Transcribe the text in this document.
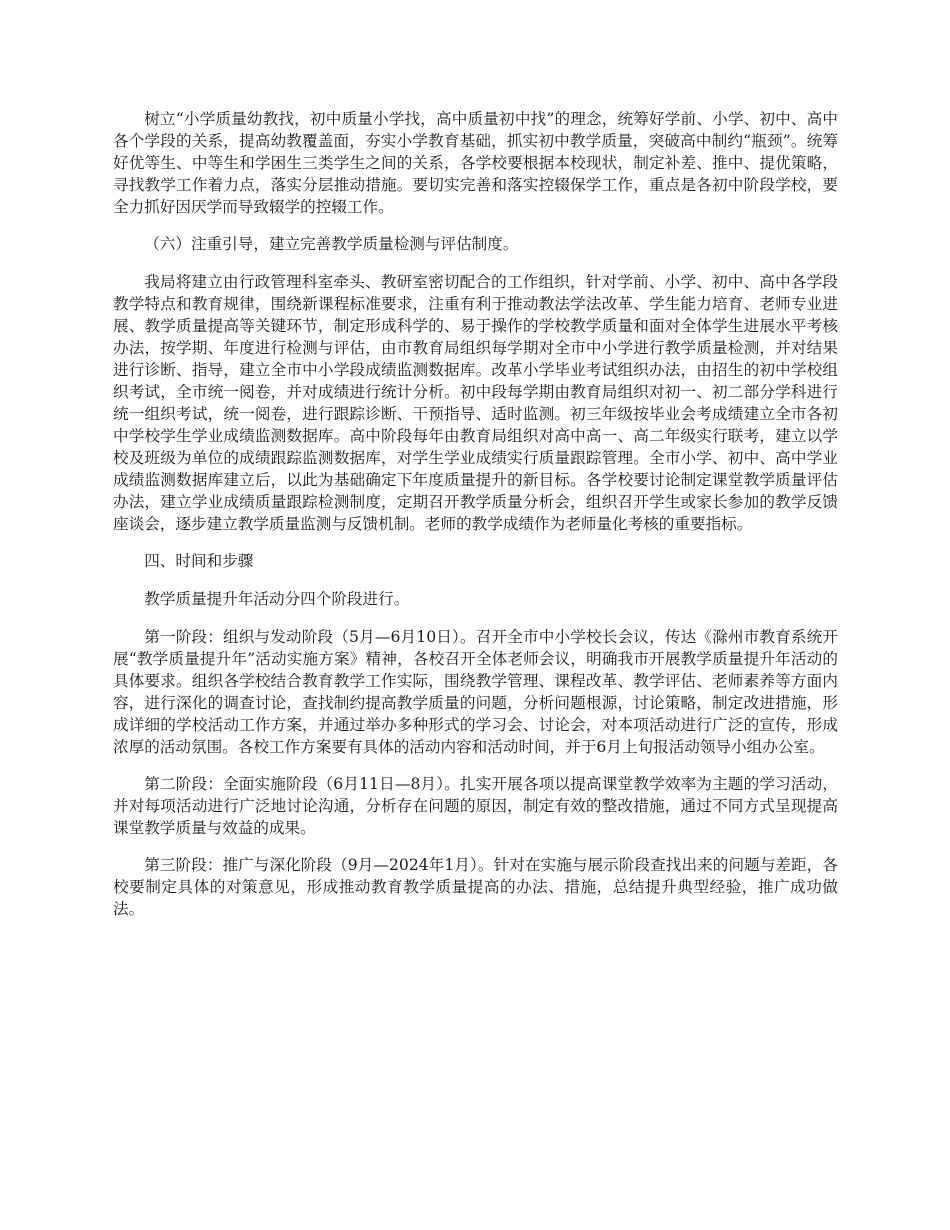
树立“小学质量幼教找，初中质量小学找，高中质量初中找”的理念，统筹好学前、小学、初中、高中各个学段的关系，提高幼教覆盖面，夯实小学教育基础，抓实初中教学质量，突破高中制约“瓶颈”。统筹好优等生、中等生和学困生三类学生之间的关系，各学校要根据本校现状，制定补差、推中、提优策略，寻找教学工作着力点，落实分层推动措施。要切实完善和落实控辍保学工作，重点是各初中阶段学校，要全力抓好因厌学而导致辍学的控辍工作。

（六）注重引导，建立完善教学质量检测与评估制度。

我局将建立由行政管理科室牵头、教研室密切配合的工作组织，针对学前、小学、初中、高中各学段教学特点和教育规律，围绕新课程标准要求，注重有利于推动教法学法改革、学生能力培育、老师专业进展、教学质量提高等关键环节，制定形成科学的、易于操作的学校教学质量和面对全体学生进展水平考核办法，按学期、年度进行检测与评估，由市教育局组织每学期对全市中小学进行教学质量检测，并对结果进行诊断、指导，建立全市中小学段成绩监测数据库。改革小学毕业考试组织办法，由招生的初中学校组织考试，全市统一阅卷，并对成绩进行统计分析。初中段每学期由教育局组织对初一、初二部分学科进行统一组织考试，统一阅卷，进行跟踪诊断、干预指导、适时监测。初三年级按毕业会考成绩建立全市各初中学校学生学业成绩监测数据库。高中阶段每年由教育局组织对高中高一、高二年级实行联考，建立以学校及班级为单位的成绩跟踪监测数据库，对学生学业成绩实行质量跟踪管理。全市小学、初中、高中学业成绩监测数据库建立后，以此为基础确定下年度质量提升的新目标。各学校要讨论制定课堂教学质量评估办法，建立学业成绩质量跟踪检测制度，定期召开教学质量分析会，组织召开学生或家长参加的教学反馈座谈会，逐步建立教学质量监测与反馈机制。老师的教学成绩作为老师量化考核的重要指标。

四、时间和步骤

教学质量提升年活动分四个阶段进行。

第一阶段：组织与发动阶段（5月—6月10日）。召开全市中小学校长会议，传达《滁州市教育系统开展“教学质量提升年”活动实施方案》精神，各校召开全体老师会议，明确我市开展教学质量提升年活动的具体要求。组织各学校结合教育教学工作实际，围绕教学管理、课程改革、教学评估、老师素养等方面内容，进行深化的调查讨论，查找制约提高教学质量的问题，分析问题根源，讨论策略，制定改进措施，形成详细的学校活动工作方案，并通过举办多种形式的学习会、讨论会，对本项活动进行广泛的宣传，形成浓厚的活动氛围。各校工作方案要有具体的活动内容和活动时间，并于6月上旬报活动领导小组办公室。

第二阶段：全面实施阶段（6月11日—8月）。扎实开展各项以提高课堂教学效率为主题的学习活动，并对每项活动进行广泛地讨论沟通，分析存在问题的原因，制定有效的整改措施，通过不同方式呈现提高课堂教学质量与效益的成果。

第三阶段：推广与深化阶段（9月—2024年1月）。针对在实施与展示阶段查找出来的问题与差距，各校要制定具体的对策意见，形成推动教育教学质量提高的办法、措施，总结提升典型经验，推广成功做法。
